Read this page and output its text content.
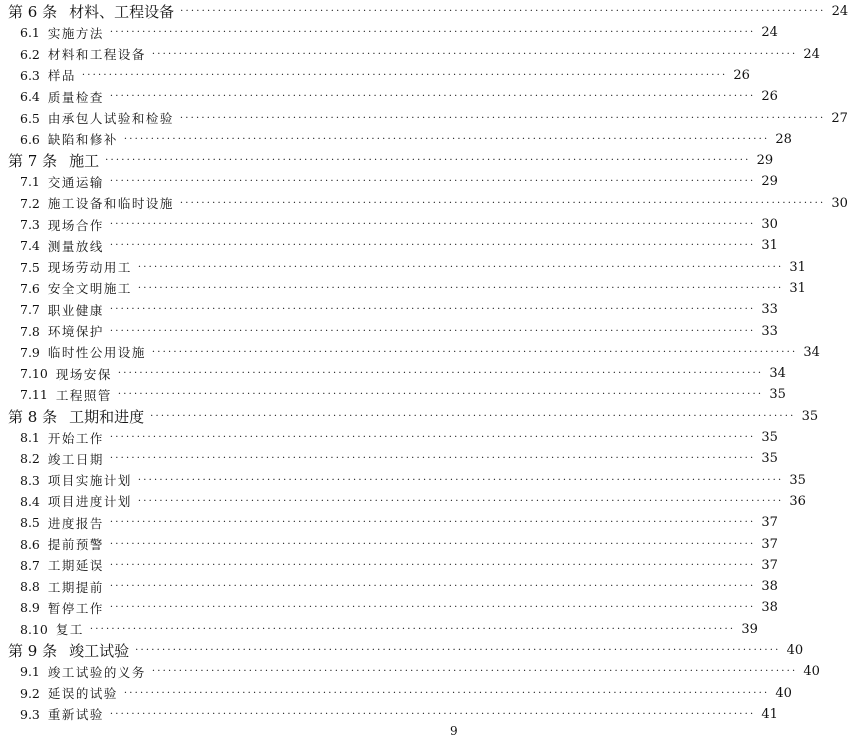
第 6 条 材料、工程设备 ························································································································ 24
6.1 实施方法 ························································································································ 24
6.2 材料和工程设备 ························································································································ 24
6.3 样品 ························································································································ 26
6.4 质量检查 ························································································································ 26
6.5 由承包人试验和检验 ························································································································ 27
6.6 缺陷和修补 ························································································································ 28
第 7 条 施工 ························································································································ 29
7.1 交通运输 ························································································································ 29
7.2 施工设备和临时设施 ························································································································ 30
7.3 现场合作 ························································································································ 30
7.4 测量放线 ························································································································ 31
7.5 现场劳动用工 ························································································································ 31
7.6 安全文明施工 ························································································································ 31
7.7 职业健康 ························································································································ 33
7.8 环境保护 ························································································································ 33
7.9 临时性公用设施 ························································································································ 34
7.10 现场安保 ························································································································ 34
7.11 工程照管 ························································································································ 35
第 8 条 工期和进度 ························································································································ 35
8.1 开始工作 ························································································································ 35
8.2 竣工日期 ························································································································ 35
8.3 项目实施计划 ························································································································ 35
8.4 项目进度计划 ························································································································ 36
8.5 进度报告 ························································································································ 37
8.6 提前预警 ························································································································ 37
8.7 工期延误 ························································································································ 37
8.8 工期提前 ························································································································ 38
8.9 暂停工作 ························································································································ 38
8.10 复工 ························································································································ 39
第 9 条 竣工试验 ························································································································ 40
9.1 竣工试验的义务 ························································································································ 40
9.2 延误的试验 ························································································································ 40
9.3 重新试验 ························································································································ 41
9
